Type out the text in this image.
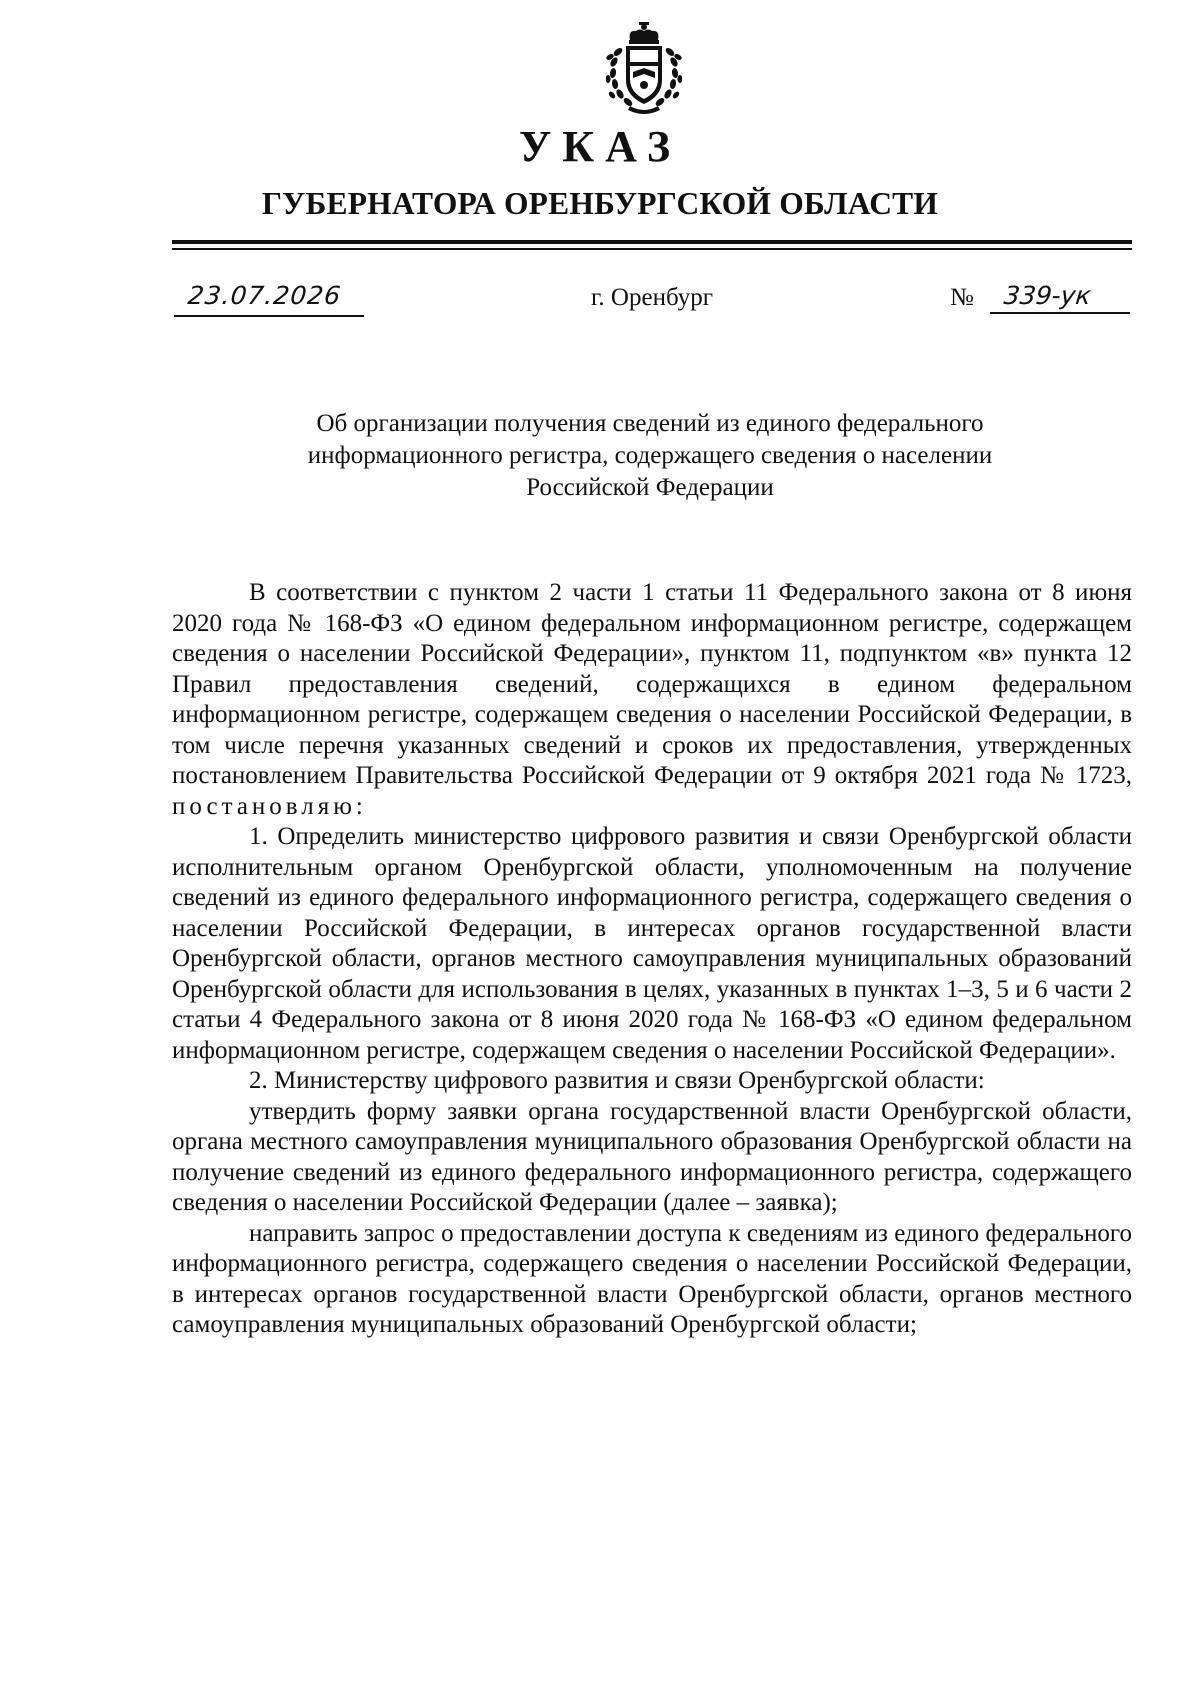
УКАЗ
ГУБЕРНАТОРА ОРЕНБУРГСКОЙ ОБЛАСТИ
23.07.2026	г. Оренбург	№ 339-ук
Об организации получения сведений из единого федерального
информационного регистра, содержащего сведения о населении
Российской Федерации

В соответствии с пунктом 2 части 1 статьи 11 Федерального закона от 8 июня 2020 года № 168-ФЗ «О едином федеральном информационном регистре, содержащем сведения о населении Российской Федерации», пунктом 11, подпунктом «в» пункта 12 Правил предоставления сведений, содержащихся в едином федеральном информационном регистре, содержащем сведения о населении Российской Федерации, в том числе перечня указанных сведений и сроков их предоставления, утвержденных постановлением Правительства Российской Федерации от 9 октября 2021 года № 1723, постановляю:

1. Определить министерство цифрового развития и связи Оренбургской области исполнительным органом Оренбургской области, уполномоченным на получение сведений из единого федерального информационного регистра, содержащего сведения о населении Российской Федерации, в интересах органов государственной власти Оренбургской области, органов местного самоуправления муниципальных образований Оренбургской области для использования в целях, указанных в пунктах 1–3, 5 и 6 части 2 статьи 4 Федерального закона от 8 июня 2020 года № 168-ФЗ «О едином федеральном информационном регистре, содержащем сведения о населении Российской Федерации».

2. Министерству цифрового развития и связи Оренбургской области:

утвердить форму заявки органа государственной власти Оренбургской области, органа местного самоуправления муниципального образования Оренбургской области на получение сведений из единого федерального информационного регистра, содержащего сведения о населении Российской Федерации (далее – заявка);

направить запрос о предоставлении доступа к сведениям из единого федерального информационного регистра, содержащего сведения о населении Российской Федерации, в интересах органов государственной власти Оренбургской области, органов местного самоуправления муниципальных образований Оренбургской области;
